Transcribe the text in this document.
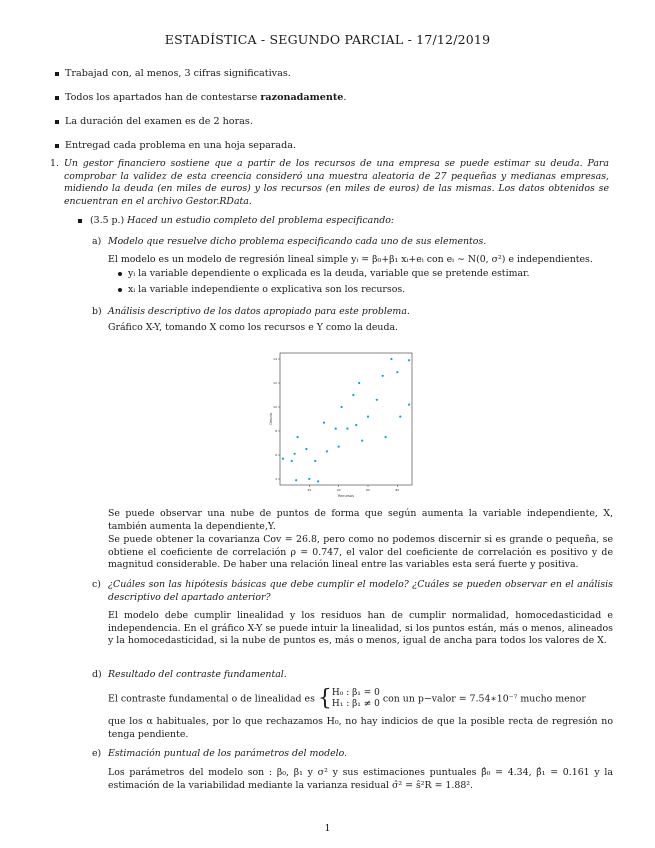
ESTADÍSTICA - SEGUNDO PARCIAL - 17/12/2019
Trabajad con, al menos, 3 cifras significativas.
Todos los apartados han de contestarse razonadamente.
La duración del examen es de 2 horas.
Entregad cada problema en una hoja separada.
1. Un gestor financiero sostiene que a partir de los recursos de una empresa se puede estimar su deuda. Para comprobar la validez de esta creencia consideró una muestra aleatoria de 27 pequeñas y medianas empresas, midiendo la deuda (en miles de euros) y los recursos (en miles de euros) de las mismas. Los datos obtenidos se encuentran en el archivo Gestor.RData.
(3.5 p.) Haced un estudio completo del problema especificando:
a) Modelo que resuelve dicho problema especificando cada uno de sus elementos.
El modelo es un modelo de regresión lineal simple yᵢ = β₀+β₁ xᵢ+eᵢ con eᵢ ∼ N(0, σ²) e independientes.
yᵢ la variable dependiente o explicada es la deuda, variable que se pretende estimar.
xᵢ la variable independiente o explicativa son los recursos.
b) Análisis descriptivo de los datos apropiado para este problema.
Gráfico X-Y, tomando X como los recursos e Y como la deuda.
20	40	60	80
4
6
8
10
12
14
Recursos
Deuda
Se puede observar una nube de puntos de forma que según aumenta la variable independiente, X, también aumenta la dependiente,Y.
Se puede obtener la covarianza Cov = 26.8, pero como no podemos discernir si es grande o pequeña, se obtiene el coeficiente de correlación ρ = 0.747, el valor del coeficiente de correlación es positivo y de magnitud considerable. De haber una relación lineal entre las variables esta será fuerte y positiva.
c) ¿Cuáles son las hipótesis básicas que debe cumplir el modelo? ¿Cuáles se pueden observar en el análisis descriptivo del apartado anterior?
El modelo debe cumplir linealidad y los residuos han de cumplir normalidad, homocedasticidad e independencia. En el gráfico X-Y se puede intuir la linealidad, si los puntos están, más o menos, alineados y la homocedasticidad, si la nube de puntos es, más o menos, igual de ancha para todos los valores de X.
d) Resultado del contraste fundamental.
El contraste fundamental o de linealidad es {H₀ : β₁ = 0
H₁ : β₁ ≠ 0 con un p−valor = 7.54∗10⁻⁷ mucho menor
que los α habituales, por lo que rechazamos H₀, no hay indicios de que la posible recta de regresión no tenga pendiente.
e) Estimación puntual de los parámetros del modelo.
Los parámetros del modelo son : β₀, β₁ y σ² y sus estimaciones puntuales β̂₀ = 4.34, β̂₁ = 0.161 y la estimación de la variabilidad mediante la varianza residual σ̂² = ŝ²R = 1.88².
1
